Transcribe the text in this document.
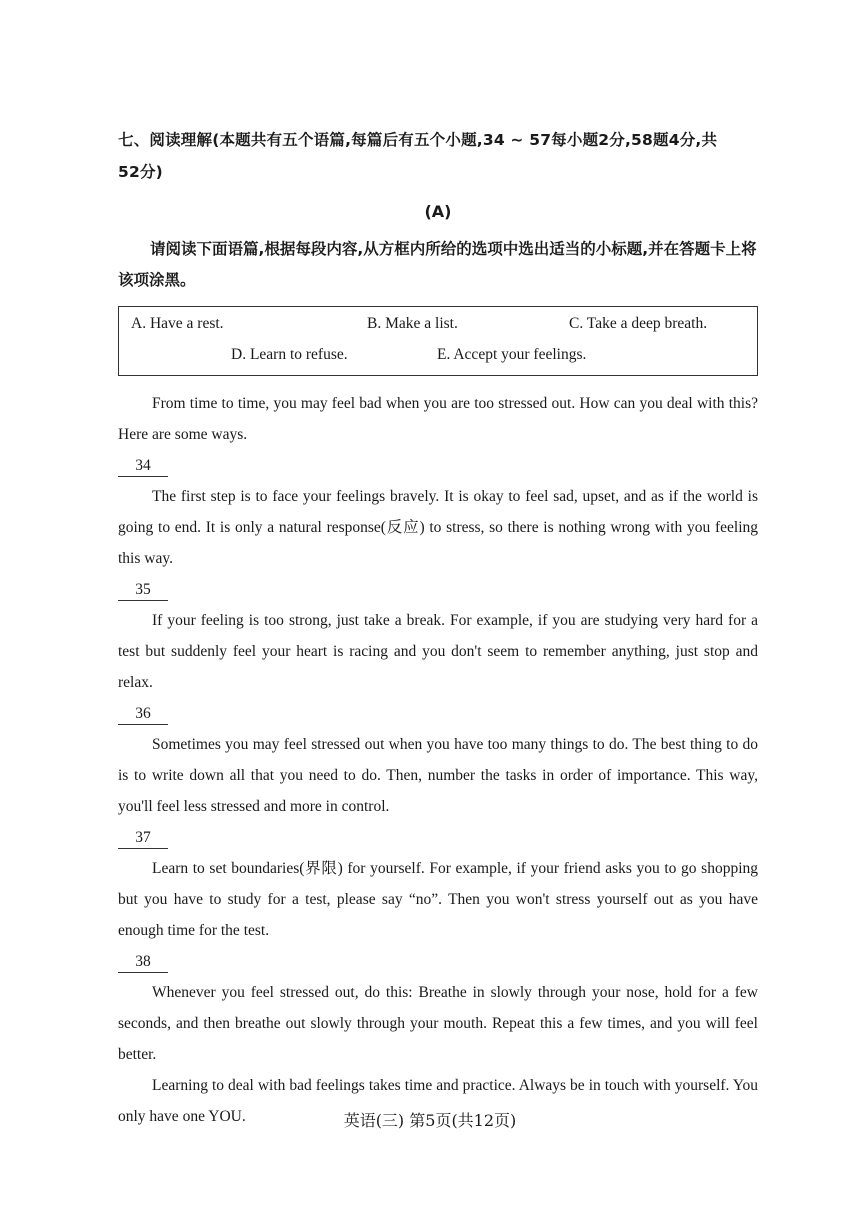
七、阅读理解(本题共有五个语篇,每篇后有五个小题,34 ~ 57每小题2分,58题4分,共
52分)
(A)
请阅读下面语篇,根据每段内容,从方框内所给的选项中选出适当的小标题,并在答题卡上将该项涂黑。
A. Have a rest.	B. Make a list.	C. Take a deep breath.
D. Learn to refuse.	E. Accept your feelings.
From time to time, you may feel bad when you are too stressed out. How can you deal with this? Here are some ways.
34
The first step is to face your feelings bravely. It is okay to feel sad, upset, and as if the world is going to end. It is only a natural response(反应) to stress, so there is nothing wrong with you feeling this way.
35
If your feeling is too strong, just take a break. For example, if you are studying very hard for a test but suddenly feel your heart is racing and you don't seem to remember anything, just stop and relax.
36
Sometimes you may feel stressed out when you have too many things to do. The best thing to do is to write down all that you need to do. Then, number the tasks in order of importance. This way, you'll feel less stressed and more in control.
37
Learn to set boundaries(界限) for yourself. For example, if your friend asks you to go shopping but you have to study for a test, please say “no”. Then you won't stress yourself out as you have enough time for the test.
38
Whenever you feel stressed out, do this: Breathe in slowly through your nose, hold for a few seconds, and then breathe out slowly through your mouth. Repeat this a few times, and you will feel better.
Learning to deal with bad feelings takes time and practice. Always be in touch with yourself. You only have one YOU.	英语(三) 第5页(共12页)
